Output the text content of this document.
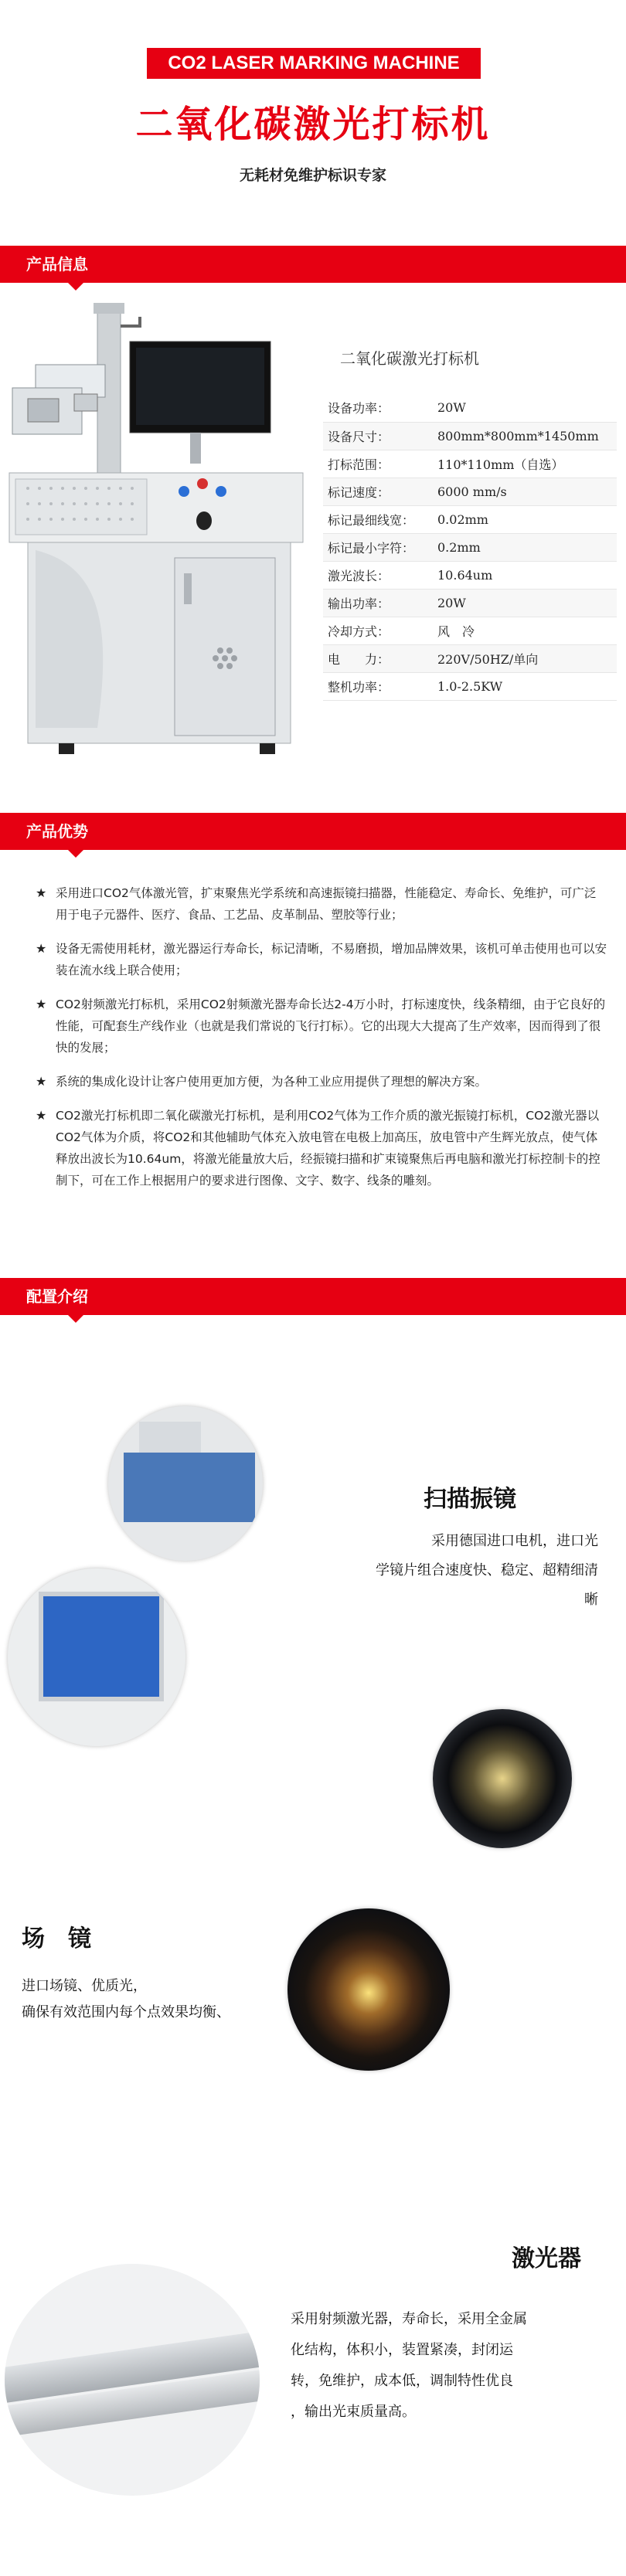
CO2 LASER MARKING MACHINE
二氧化碳激光打标机
无耗材免维护标识专家
产品信息
二氧化碳激光打标机
设备功率：	20W
设备尺寸：	800mm*800mm*1450mm
打标范围：	110*110mm（自选）
标记速度：	6000 mm/s
标记最细线宽：	0.02mm
标记最小字符：	0.2mm
激光波长：	10.64um
输出功率：	20W
冷却方式：	风　冷
电　　力：	220V/50HZ/单向
整机功率：	1.0-2.5KW
产品优势
★ 采用进口CO2气体激光管，扩束聚焦光学系统和高速振镜扫描器，性能稳定、寿命长、免维护，可广泛用于电子元器件、医疗、食品、工艺品、皮革制品、塑胶等行业；
★ 设备无需使用耗材，激光器运行寿命长，标记清晰，不易磨损，增加品牌效果，该机可单击使用也可以安装在流水线上联合使用；
★ CO2射频激光打标机，采用CO2射频激光器寿命长达2-4万小时，打标速度快，线条精细，由于它良好的性能，可配套生产线作业（也就是我们常说的飞行打标）。它的出现大大提高了生产效率，因而得到了很快的发展；
★ 系统的集成化设计让客户使用更加方便，为各种工业应用提供了理想的解决方案。
★ CO2激光打标机即二氧化碳激光打标机，是利用CO2气体为工作介质的激光振镜打标机，CO2激光器以CO2气体为介质，将CO2和其他辅助气体充入放电管在电极上加高压，放电管中产生辉光放点，使气体释放出波长为10.64um，将激光能量放大后，经振镜扫描和扩束镜聚焦后再电脑和激光打标控制卡的控制下，可在工作上根据用户的要求进行图像、文字、数字、线条的雕刻。
配置介绍
扫描振镜
采用德国进口电机，进口光
学镜片组合速度快、稳定、超精细清晰
场　镜
进口场镜、优质光，
确保有效范围内每个点效果均衡、
激光器
采用射频激光器，寿命长，采用全金属
化结构，体积小，装置紧凑，封闭运
转，免维护，成本低，调制特性优良
，输出光束质量高。
